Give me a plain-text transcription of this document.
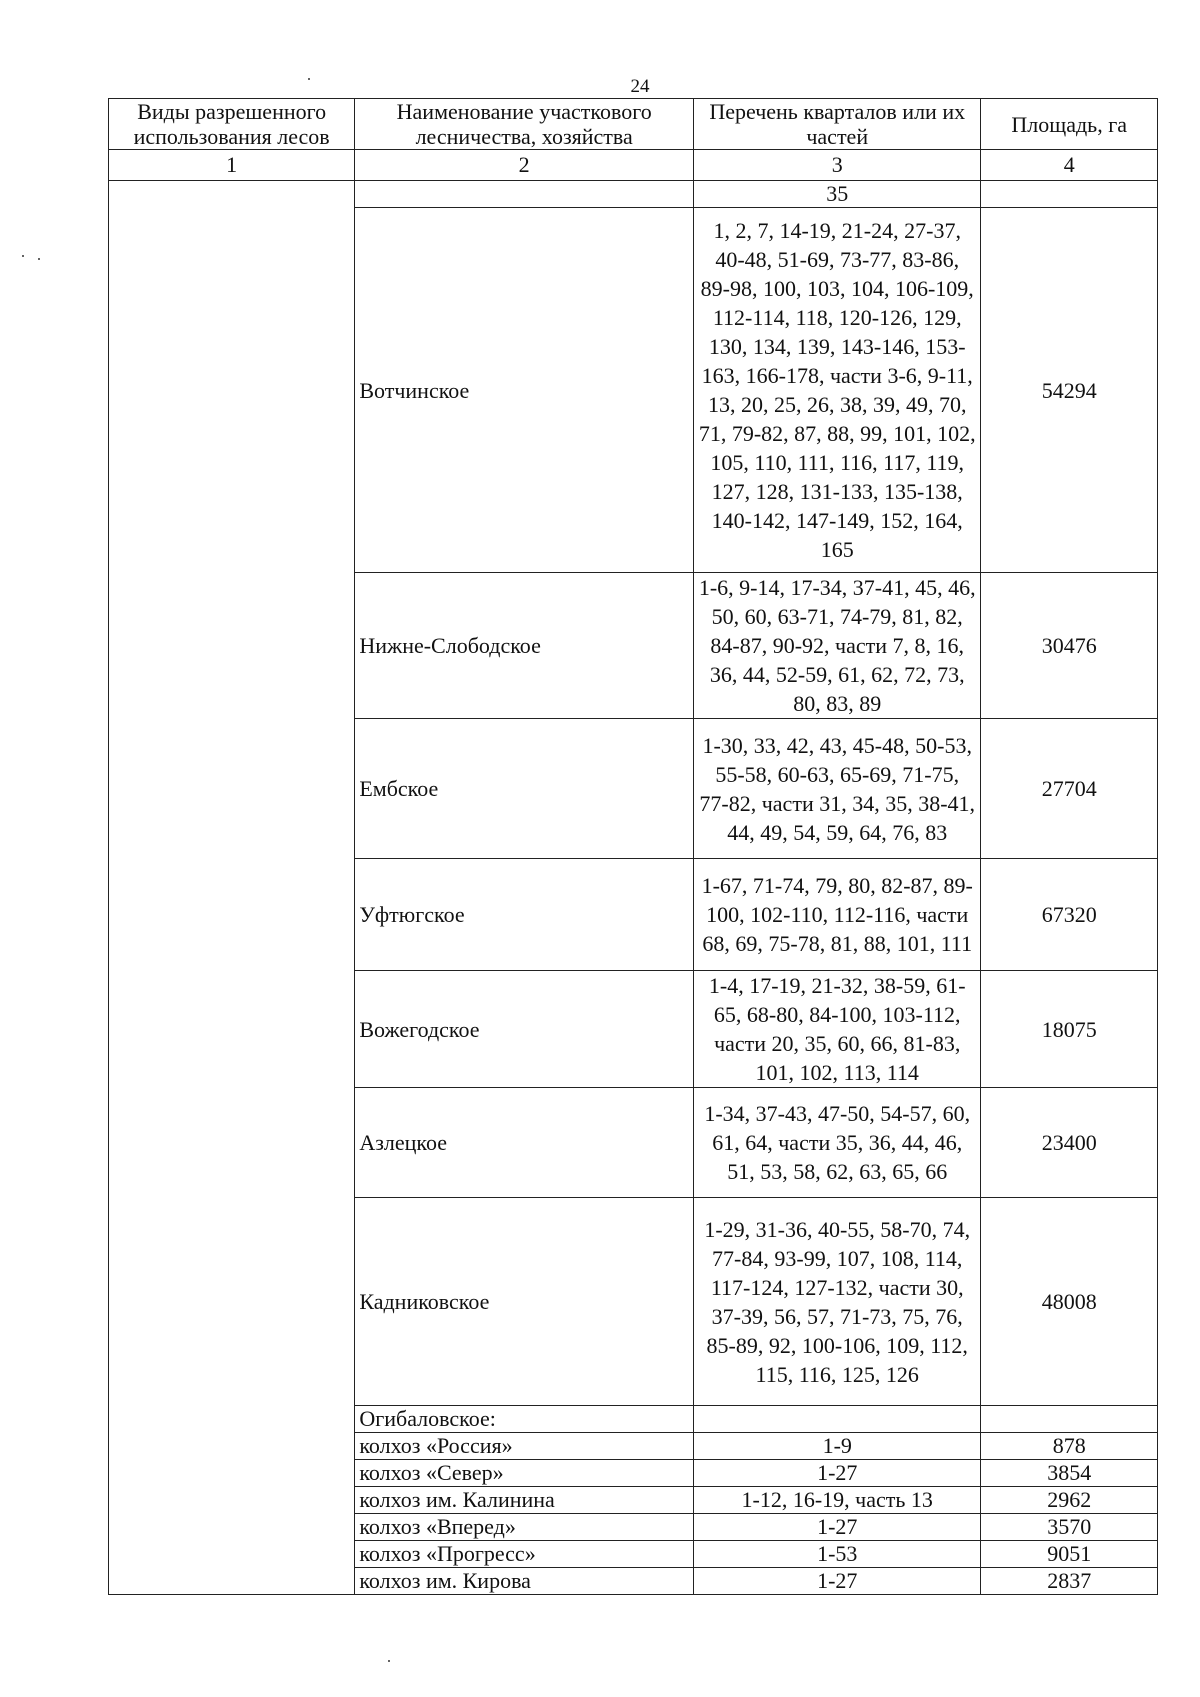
24
Виды разрешенного использования лесов	Наименование участкового лесничества, хозяйства	Перечень кварталов или их частей	Площадь, га
1	2	3	4
		35	
	Вотчинское	1, 2, 7, 14-19, 21-24, 27-37, 40-48, 51-69, 73-77, 83-86, 89-98, 100, 103, 104, 106-109, 112-114, 118, 120-126, 129, 130, 134, 139, 143-146, 153-163, 166-178, части 3-6, 9-11, 13, 20, 25, 26, 38, 39, 49, 70, 71, 79-82, 87, 88, 99, 101, 102, 105, 110, 111, 116, 117, 119, 127, 128, 131-133, 135-138, 140-142, 147-149, 152, 164, 165	54294
	Нижне-Слободское	1-6, 9-14, 17-34, 37-41, 45, 46, 50, 60, 63-71, 74-79, 81, 82, 84-87, 90-92, части 7, 8, 16, 36, 44, 52-59, 61, 62, 72, 73, 80, 83, 89	30476
	Ембское	1-30, 33, 42, 43, 45-48, 50-53, 55-58, 60-63, 65-69, 71-75, 77-82, части 31, 34, 35, 38-41, 44, 49, 54, 59, 64, 76, 83	27704
	Уфтюгское	1-67, 71-74, 79, 80, 82-87, 89-100, 102-110, 112-116, части 68, 69, 75-78, 81, 88, 101, 111	67320
	Вожегодское	1-4, 17-19, 21-32, 38-59, 61-65, 68-80, 84-100, 103-112, части 20, 35, 60, 66, 81-83, 101, 102, 113, 114	18075
	Азлецкое	1-34, 37-43, 47-50, 54-57, 60, 61, 64, части 35, 36, 44, 46, 51, 53, 58, 62, 63, 65, 66	23400
	Кадниковское	1-29, 31-36, 40-55, 58-70, 74, 77-84, 93-99, 107, 108, 114, 117-124, 127-132, части 30, 37-39, 56, 57, 71-73, 75, 76, 85-89, 92, 100-106, 109, 112, 115, 116, 125, 126	48008
	Огибаловское:		
	колхоз «Россия»	1-9	878
	колхоз «Север»	1-27	3854
	колхоз им. Калинина	1-12, 16-19, часть 13	2962
	колхоз «Вперед»	1-27	3570
	колхоз «Прогресс»	1-53	9051
	колхоз им. Кирова	1-27	2837
